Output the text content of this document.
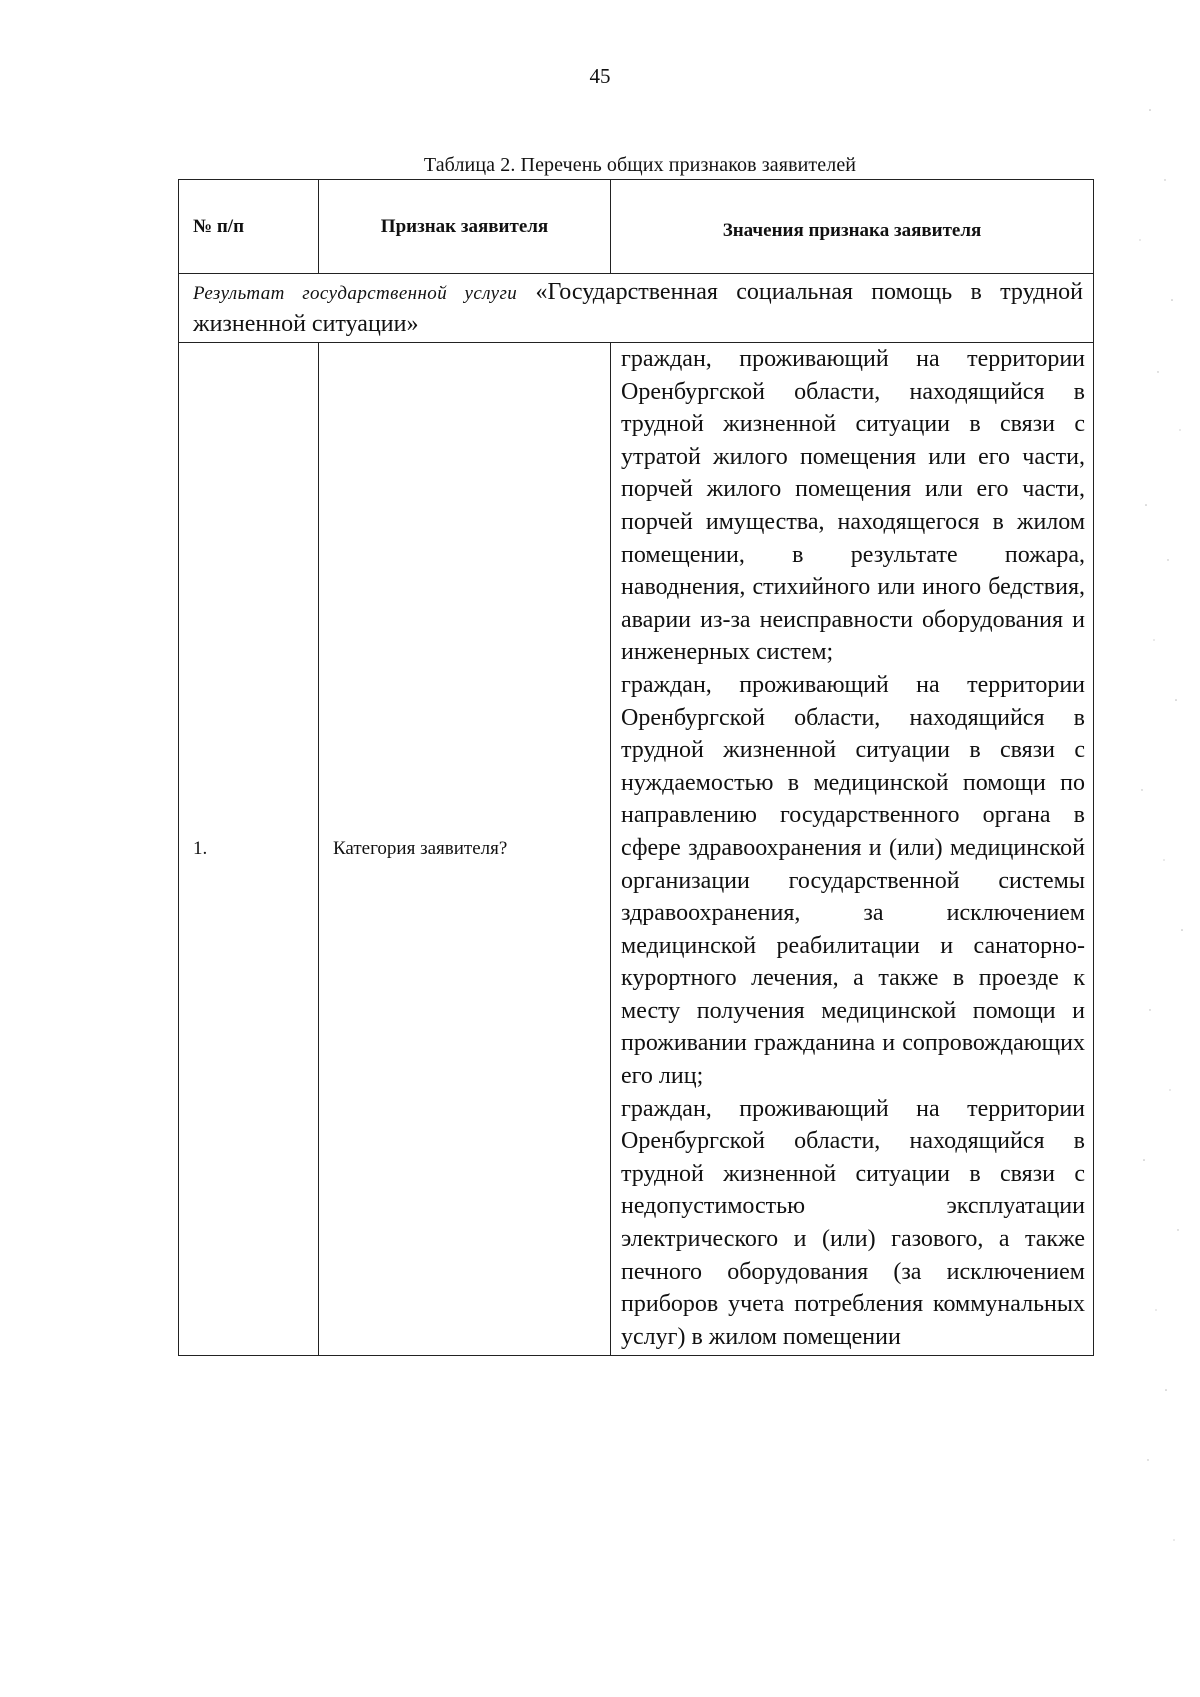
45
Таблица 2. Перечень общих признаков заявителей
№ п/п	Признак заявителя	Значения признака заявителя
Результат государственной услуги «Государственная социальная помощь в трудной жизненной ситуации»		
1.	Категория заявителя?	граждан, проживающий на территории Оренбургской области, находящийся в трудной жизненной ситуации в связи с утратой жилого помещения или его части, порчей жилого помещения или его части, порчей имущества, находящегося в жилом помещении, в результате пожара, наводнения, стихийного или иного бедствия, аварии из-за неисправности оборудования и инженерных систем;

граждан, проживающий на территории Оренбургской области, находящийся в трудной жизненной ситуации в связи с нуждаемостью в медицинской помощи по направлению государственного органа в сфере здравоохранения и (или) медицинской организации государственной системы здравоохранения, за исключением медицинской реабилитации и санаторно-курортного лечения, а также в проезде к месту получения медицинской помощи и проживании гражданина и сопровождающих его лиц;

граждан, проживающий на территории Оренбургской области, находящийся в трудной жизненной ситуации в связи с недопустимостью эксплуатации электрического и (или) газового, а также печного оборудования (за исключением приборов учета потребления коммунальных услуг) в жилом помещении
